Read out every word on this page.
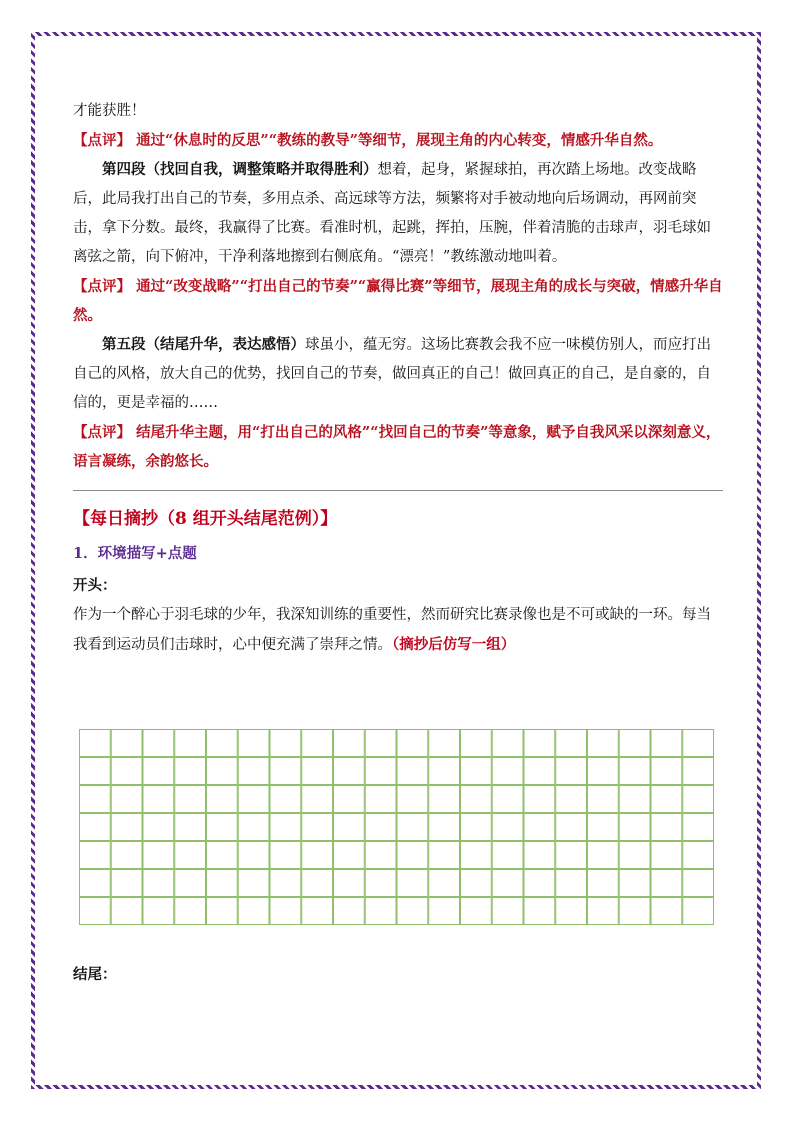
才能获胜！

【点评】 通过“休息时的反思”“教练的教导”等细节，展现主角的内心转变，情感升华自然。

第四段（找回自我，调整策略并取得胜利）想着，起身，紧握球拍，再次踏上场地。改变战略后，此局我打出自己的节奏，多用点杀、高远球等方法，频繁将对手被动地向后场调动，再网前突击，拿下分数。最终，我赢得了比赛。看准时机，起跳，挥拍，压腕，伴着清脆的击球声，羽毛球如离弦之箭，向下俯冲，干净利落地擦到右侧底角。“漂亮！”教练激动地叫着。

【点评】 通过“改变战略”“打出自己的节奏”“赢得比赛”等细节，展现主角的成长与突破，情感升华自然。

第五段（结尾升华，表达感悟）球虽小，蕴无穷。这场比赛教会我不应一味模仿别人，而应打出自己的风格，放大自己的优势，找回自己的节奏，做回真正的自己！做回真正的自己，是自豪的，自信的，更是幸福的……

【点评】 结尾升华主题，用“打出自己的风格”“找回自己的节奏”等意象，赋予自我风采以深刻意义，语言凝练，余韵悠长。

【每日摘抄（8 组开头结尾范例）】

1．环境描写+点题

开头：

作为一个醉心于羽毛球的少年，我深知训练的重要性，然而研究比赛录像也是不可或缺的一环。每当我看到运动员们击球时，心中便充满了崇拜之情。（摘抄后仿写一组）

结尾：
